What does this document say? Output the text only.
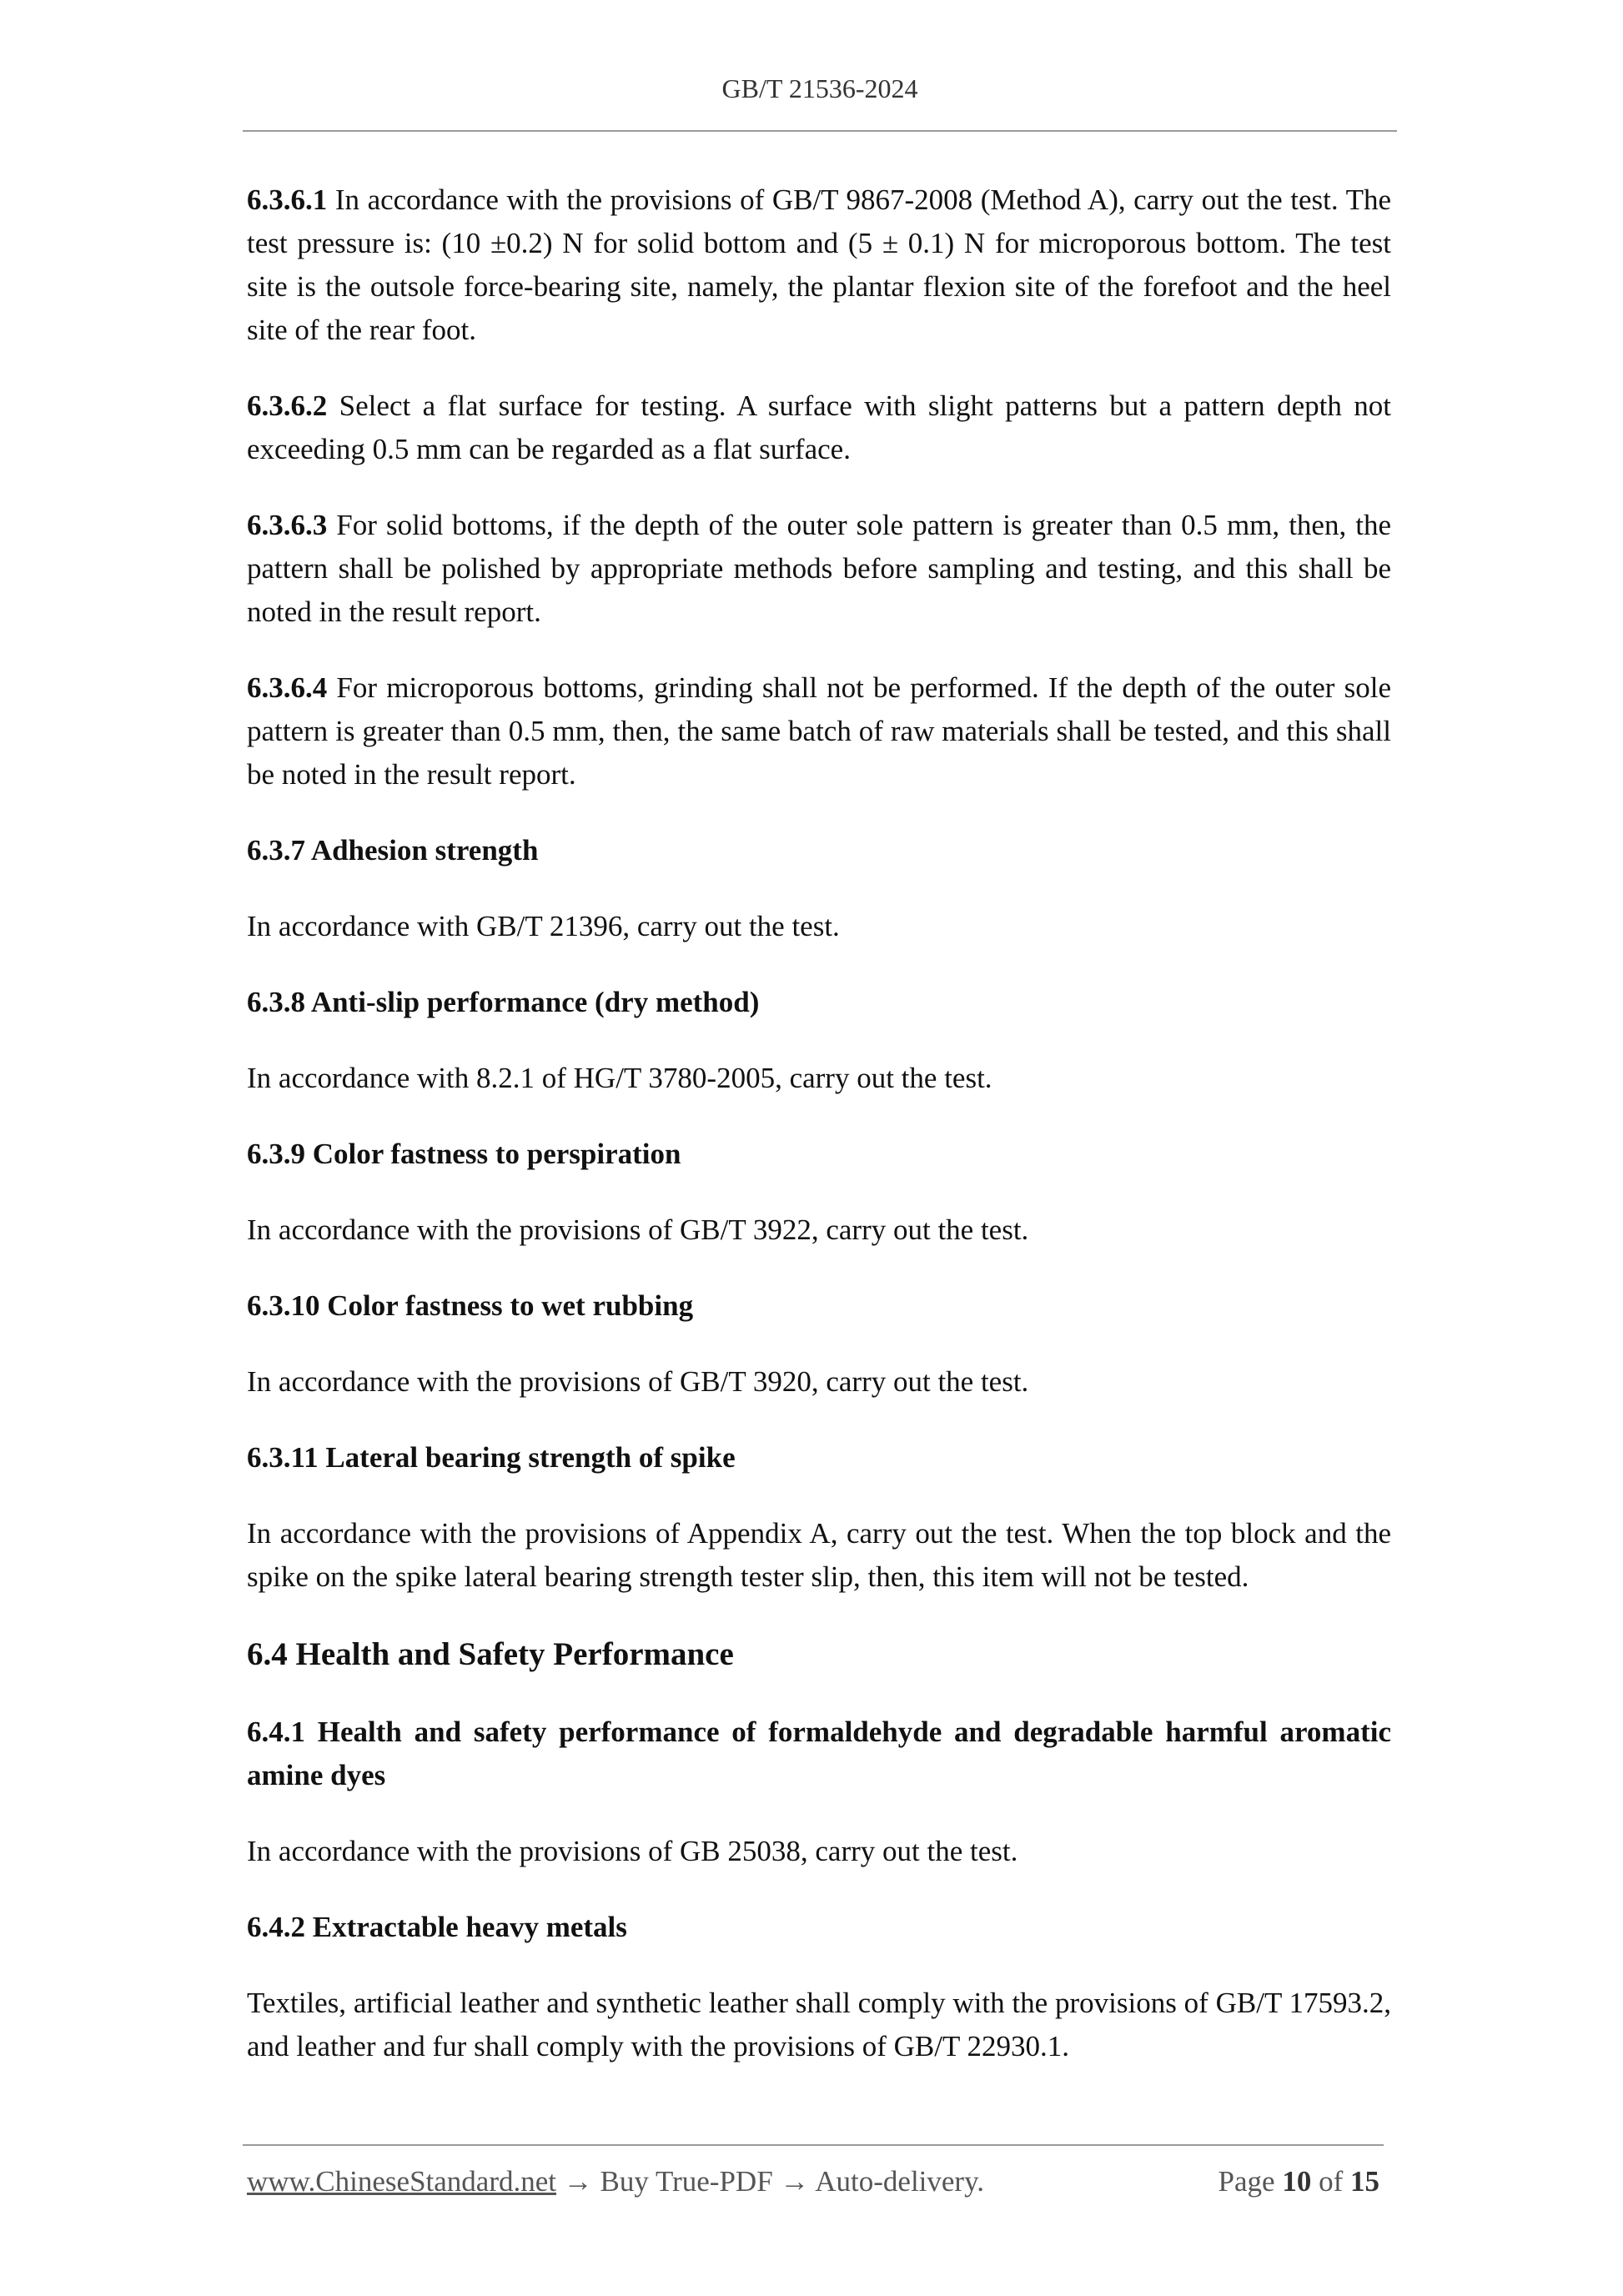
GB/T 21536-2024

6.3.6.1 In accordance with the provisions of GB/T 9867-2008 (Method A), carry out the test. The test pressure is: (10 ±0.2) N for solid bottom and (5 ± 0.1) N for microporous bottom. The test site is the outsole force-bearing site, namely, the plantar flexion site of the forefoot and the heel site of the rear foot.

6.3.6.2 Select a flat surface for testing. A surface with slight patterns but a pattern depth not exceeding 0.5 mm can be regarded as a flat surface.

6.3.6.3 For solid bottoms, if the depth of the outer sole pattern is greater than 0.5 mm, then, the pattern shall be polished by appropriate methods before sampling and testing, and this shall be noted in the result report.

6.3.6.4 For microporous bottoms, grinding shall not be performed. If the depth of the outer sole pattern is greater than 0.5 mm, then, the same batch of raw materials shall be tested, and this shall be noted in the result report.

6.3.7 Adhesion strength

In accordance with GB/T 21396, carry out the test.

6.3.8 Anti-slip performance (dry method)

In accordance with 8.2.1 of HG/T 3780-2005, carry out the test.

6.3.9 Color fastness to perspiration

In accordance with the provisions of GB/T 3922, carry out the test.

6.3.10 Color fastness to wet rubbing

In accordance with the provisions of GB/T 3920, carry out the test.

6.3.11 Lateral bearing strength of spike

In accordance with the provisions of Appendix A, carry out the test. When the top block and the spike on the spike lateral bearing strength tester slip, then, this item will not be tested.

6.4 Health and Safety Performance

6.4.1 Health and safety performance of formaldehyde and degradable harmful aromatic amine dyes

In accordance with the provisions of GB 25038, carry out the test.

6.4.2 Extractable heavy metals

Textiles, artificial leather and synthetic leather shall comply with the provisions of GB/T 17593.2, and leather and fur shall comply with the provisions of GB/T 22930.1.

www.ChineseStandard.net → Buy True-PDF → Auto-delivery.	Page 10 of 15
